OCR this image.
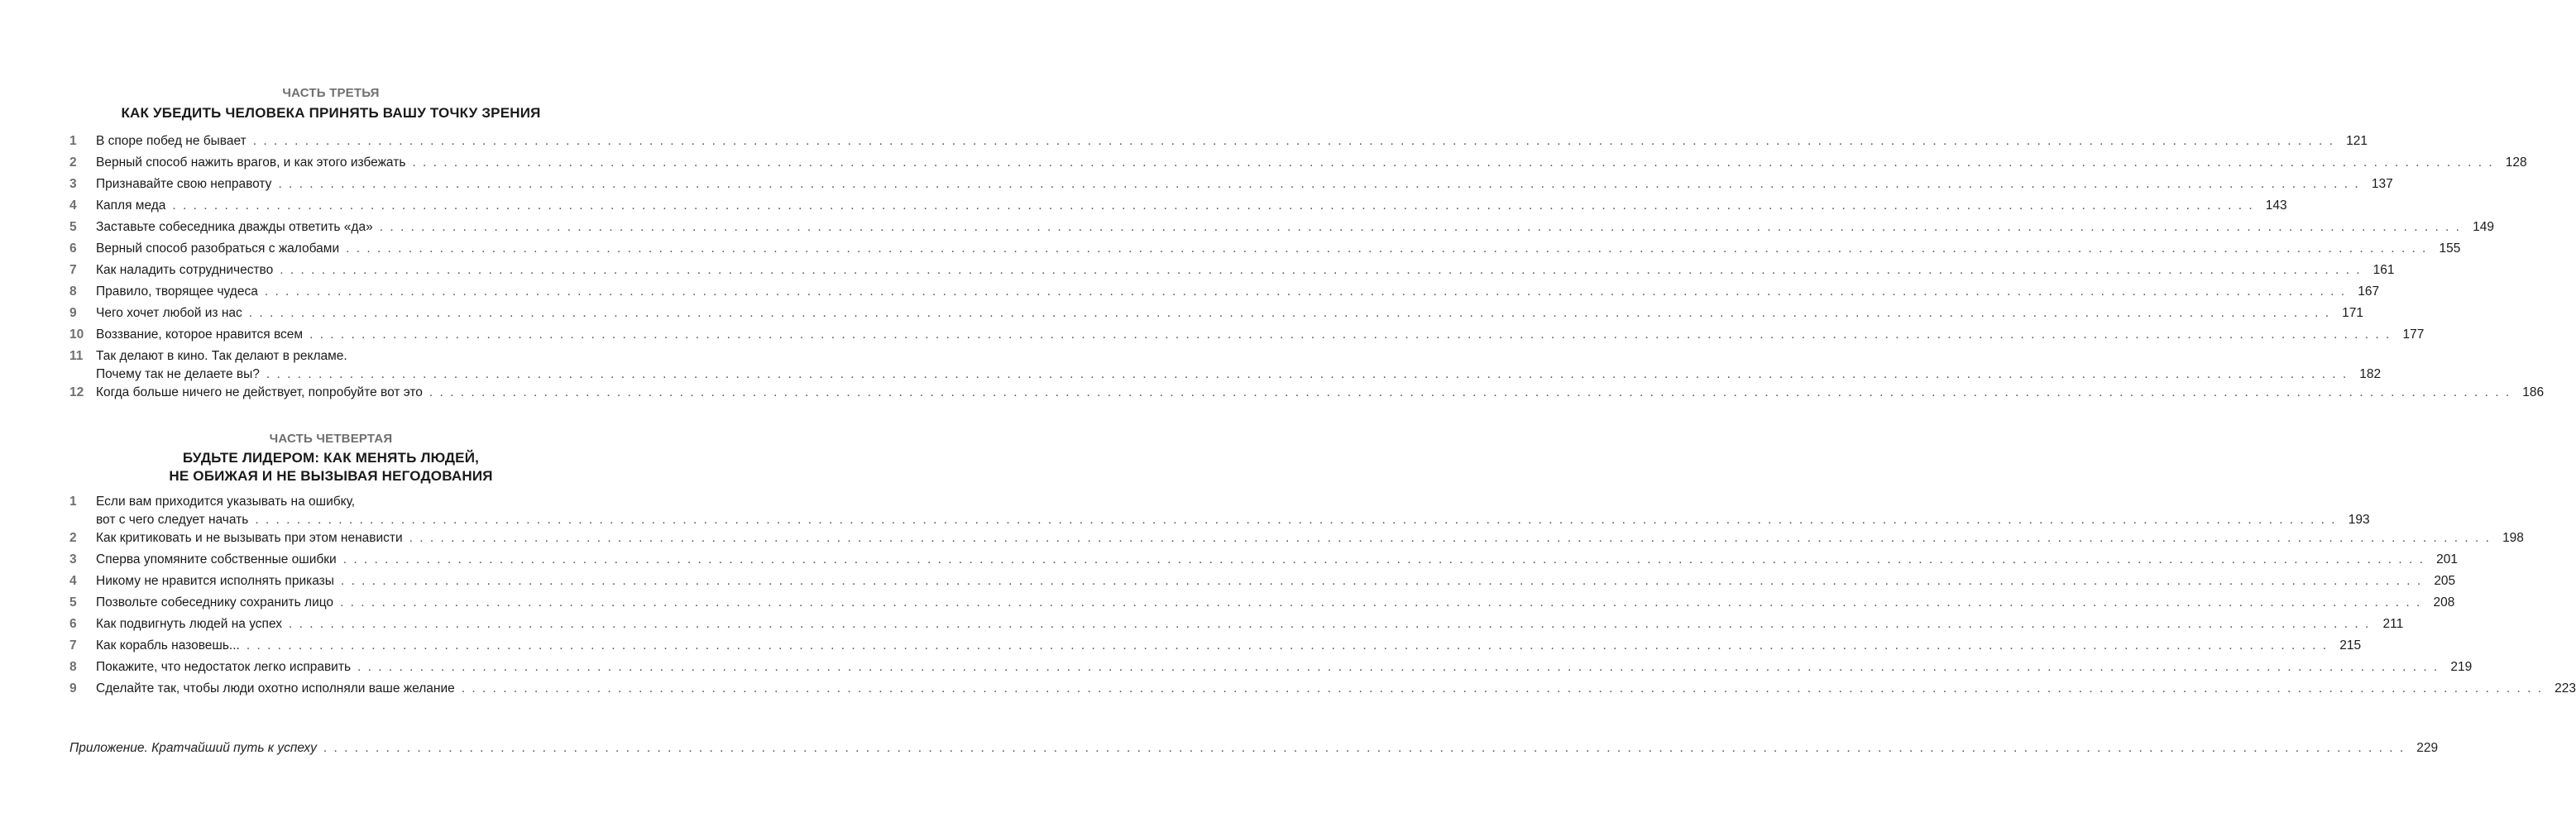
ЧАСТЬ ТРЕТЬЯ
КАК УБЕДИТЬ ЧЕЛОВЕКА ПРИНЯТЬ ВАШУ ТОЧКУ ЗРЕНИЯ
1	В споре побед не бывает . . . . . . . . . . . . . . . . . . . . . . . . . . . . . . . . . . . . . . . . . . . . . . . . . . . . . . . . . . . . . . . . . . . . . . . . . . . . . . . . . . . . . . . . . . . . . . . . . . . . . . . . . . . . . . . . . . . . . . . . . . . . . . . . . . . . . . . . . . . . . . . . . . . . . . . . . . . . . . . . . . . . . . . . . . . . . . . . . . . . . . . . . . . . . . . . . . . . . . . . 121
2	Верный способ нажить врагов, и как этого избежать . . . . . . . . . . . . . . . . . . . . . . . . . . . . . . . . . . . . . . . . . . . . . . . . . . . . . . . . . . . . . . . . . . . . . . . . . . . . . . . . . . . . . . . . . . . . . . . . . . . . . . . . . . . . . . . . . . . . . . . . . . . . . . . . . . . . . . . . . . . . . . . . . . . . . . . . . . . . . . . . . . . . . . . . . . . . . . . . . . . . . . . . . . . . . . . . . . . . . . . . 128
3	Признавайте свою неправоту . . . . . . . . . . . . . . . . . . . . . . . . . . . . . . . . . . . . . . . . . . . . . . . . . . . . . . . . . . . . . . . . . . . . . . . . . . . . . . . . . . . . . . . . . . . . . . . . . . . . . . . . . . . . . . . . . . . . . . . . . . . . . . . . . . . . . . . . . . . . . . . . . . . . . . . . . . . . . . . . . . . . . . . . . . . . . . . . . . . . . . . . . . . . . . . . . . . . . . . . 137
4	Капля меда . . . . . . . . . . . . . . . . . . . . . . . . . . . . . . . . . . . . . . . . . . . . . . . . . . . . . . . . . . . . . . . . . . . . . . . . . . . . . . . . . . . . . . . . . . . . . . . . . . . . . . . . . . . . . . . . . . . . . . . . . . . . . . . . . . . . . . . . . . . . . . . . . . . . . . . . . . . . . . . . . . . . . . . . . . . . . . . . . . . . . . . . . . . . . . . . . . . . . . . . 143
5	Заставьте собеседника дважды ответить «да» . . . . . . . . . . . . . . . . . . . . . . . . . . . . . . . . . . . . . . . . . . . . . . . . . . . . . . . . . . . . . . . . . . . . . . . . . . . . . . . . . . . . . . . . . . . . . . . . . . . . . . . . . . . . . . . . . . . . . . . . . . . . . . . . . . . . . . . . . . . . . . . . . . . . . . . . . . . . . . . . . . . . . . . . . . . . . . . . . . . . . . . . . . . . . . . . . . . . . . . . 149
6	Верный способ разобраться с жалобами . . . . . . . . . . . . . . . . . . . . . . . . . . . . . . . . . . . . . . . . . . . . . . . . . . . . . . . . . . . . . . . . . . . . . . . . . . . . . . . . . . . . . . . . . . . . . . . . . . . . . . . . . . . . . . . . . . . . . . . . . . . . . . . . . . . . . . . . . . . . . . . . . . . . . . . . . . . . . . . . . . . . . . . . . . . . . . . . . . . . . . . . . . . . . . . . . . . . . . . . 155
7	Как наладить сотрудничество . . . . . . . . . . . . . . . . . . . . . . . . . . . . . . . . . . . . . . . . . . . . . . . . . . . . . . . . . . . . . . . . . . . . . . . . . . . . . . . . . . . . . . . . . . . . . . . . . . . . . . . . . . . . . . . . . . . . . . . . . . . . . . . . . . . . . . . . . . . . . . . . . . . . . . . . . . . . . . . . . . . . . . . . . . . . . . . . . . . . . . . . . . . . . . . . . . . . . . . . 161
8	Правило, творящее чудеса . . . . . . . . . . . . . . . . . . . . . . . . . . . . . . . . . . . . . . . . . . . . . . . . . . . . . . . . . . . . . . . . . . . . . . . . . . . . . . . . . . . . . . . . . . . . . . . . . . . . . . . . . . . . . . . . . . . . . . . . . . . . . . . . . . . . . . . . . . . . . . . . . . . . . . . . . . . . . . . . . . . . . . . . . . . . . . . . . . . . . . . . . . . . . . . . . . . . . . . . 167
9	Чего хочет любой из нас . . . . . . . . . . . . . . . . . . . . . . . . . . . . . . . . . . . . . . . . . . . . . . . . . . . . . . . . . . . . . . . . . . . . . . . . . . . . . . . . . . . . . . . . . . . . . . . . . . . . . . . . . . . . . . . . . . . . . . . . . . . . . . . . . . . . . . . . . . . . . . . . . . . . . . . . . . . . . . . . . . . . . . . . . . . . . . . . . . . . . . . . . . . . . . . . . . . . . . . . 171
10 Воззвание, которое нравится всем . . . . . . . . . . . . . . . . . . . . . . . . . . . . . . . . . . . . . . . . . . . . . . . . . . . . . . . . . . . . . . . . . . . . . . . . . . . . . . . . . . . . . . . . . . . . . . . . . . . . . . . . . . . . . . . . . . . . . . . . . . . . . . . . . . . . . . . . . . . . . . . . . . . . . . . . . . . . . . . . . . . . . . . . . . . . . . . . . . . . . . . . . . . . . . . . . . . . . . . . 177
11	Так делают в кино. Так делают в рекламе.
Почему так не делаете вы? . . . . . . . . . . . . . . . . . . . . . . . . . . . . . . . . . . . . . . . . . . . . . . . . . . . . . . . . . . . . . . . . . . . . . . . . . . . . . . . . . . . . . . . . . . . . . . . . . . . . . . . . . . . . . . . . . . . . . . . . . . . . . . . . . . . . . . . . . . . . . . . . . . . . . . . . . . . . . . . . . . . . . . . . . . . . . . . . . . . . . . . . . . . . . . . . . . . . . . . . 182
12 Когда больше ничего не действует, попробуйте вот это . . . . . . . . . . . . . . . . . . . . . . . . . . . . . . . . . . . . . . . . . . . . . . . . . . . . . . . . . . . . . . . . . . . . . . . . . . . . . . . . . . . . . . . . . . . . . . . . . . . . . . . . . . . . . . . . . . . . . . . . . . . . . . . . . . . . . . . . . . . . . . . . . . . . . . . . . . . . . . . . . . . . . . . . . . . . . . . . . . . . . . . . . . . . . . . . . . . . . . . . 186
ЧАСТЬ ЧЕТВЕРТАЯ
БУДЬТЕ ЛИДЕРОМ: КАК МЕНЯТЬ ЛЮДЕЙ,
НЕ ОБИЖАЯ И НЕ ВЫЗЫВАЯ НЕГОДОВАНИЯ
1	Если вам приходится указывать на ошибку,
вот с чего следует начать . . . . . . . . . . . . . . . . . . . . . . . . . . . . . . . . . . . . . . . . . . . . . . . . . . . . . . . . . . . . . . . . . . . . . . . . . . . . . . . . . . . . . . . . . . . . . . . . . . . . . . . . . . . . . . . . . . . . . . . . . . . . . . . . . . . . . . . . . . . . . . . . . . . . . . . . . . . . . . . . . . . . . . . . . . . . . . . . . . . . . . . . . . . . . . . . . . . . . . . . 193
2	Как критиковать и не вызывать при этом ненависти . . . . . . . . . . . . . . . . . . . . . . . . . . . . . . . . . . . . . . . . . . . . . . . . . . . . . . . . . . . . . . . . . . . . . . . . . . . . . . . . . . . . . . . . . . . . . . . . . . . . . . . . . . . . . . . . . . . . . . . . . . . . . . . . . . . . . . . . . . . . . . . . . . . . . . . . . . . . . . . . . . . . . . . . . . . . . . . . . . . . . . . . . . . . . . . . . . . . . . . . 198
3	Сперва упомяните собственные ошибки . . . . . . . . . . . . . . . . . . . . . . . . . . . . . . . . . . . . . . . . . . . . . . . . . . . . . . . . . . . . . . . . . . . . . . . . . . . . . . . . . . . . . . . . . . . . . . . . . . . . . . . . . . . . . . . . . . . . . . . . . . . . . . . . . . . . . . . . . . . . . . . . . . . . . . . . . . . . . . . . . . . . . . . . . . . . . . . . . . . . . . . . . . . . . . . . . . . . . . . . 201
4	Никому не нравится исполнять приказы . . . . . . . . . . . . . . . . . . . . . . . . . . . . . . . . . . . . . . . . . . . . . . . . . . . . . . . . . . . . . . . . . . . . . . . . . . . . . . . . . . . . . . . . . . . . . . . . . . . . . . . . . . . . . . . . . . . . . . . . . . . . . . . . . . . . . . . . . . . . . . . . . . . . . . . . . . . . . . . . . . . . . . . . . . . . . . . . . . . . . . . . . . . . . . . . . . . . . . . . 205
5	Позвольте собеседнику сохранить лицо . . . . . . . . . . . . . . . . . . . . . . . . . . . . . . . . . . . . . . . . . . . . . . . . . . . . . . . . . . . . . . . . . . . . . . . . . . . . . . . . . . . . . . . . . . . . . . . . . . . . . . . . . . . . . . . . . . . . . . . . . . . . . . . . . . . . . . . . . . . . . . . . . . . . . . . . . . . . . . . . . . . . . . . . . . . . . . . . . . . . . . . . . . . . . . . . . . . . . . . . 208
6	Как подвигнуть людей на успех . . . . . . . . . . . . . . . . . . . . . . . . . . . . . . . . . . . . . . . . . . . . . . . . . . . . . . . . . . . . . . . . . . . . . . . . . . . . . . . . . . . . . . . . . . . . . . . . . . . . . . . . . . . . . . . . . . . . . . . . . . . . . . . . . . . . . . . . . . . . . . . . . . . . . . . . . . . . . . . . . . . . . . . . . . . . . . . . . . . . . . . . . . . . . . . . . . . . . . . . 211
7	Как корабль назовешь... . . . . . . . . . . . . . . . . . . . . . . . . . . . . . . . . . . . . . . . . . . . . . . . . . . . . . . . . . . . . . . . . . . . . . . . . . . . . . . . . . . . . . . . . . . . . . . . . . . . . . . . . . . . . . . . . . . . . . . . . . . . . . . . . . . . . . . . . . . . . . . . . . . . . . . . . . . . . . . . . . . . . . . . . . . . . . . . . . . . . . . . . . . . . . . . . . . . . . . . . 215
8	Покажите, что недостаток легко исправить . . . . . . . . . . . . . . . . . . . . . . . . . . . . . . . . . . . . . . . . . . . . . . . . . . . . . . . . . . . . . . . . . . . . . . . . . . . . . . . . . . . . . . . . . . . . . . . . . . . . . . . . . . . . . . . . . . . . . . . . . . . . . . . . . . . . . . . . . . . . . . . . . . . . . . . . . . . . . . . . . . . . . . . . . . . . . . . . . . . . . . . . . . . . . . . . . . . . . . . . 219
9	Сделайте так, чтобы люди охотно исполняли ваше желание . . . . . . . . . . . . . . . . . . . . . . . . . . . . . . . . . . . . . . . . . . . . . . . . . . . . . . . . . . . . . . . . . . . . . . . . . . . . . . . . . . . . . . . . . . . . . . . . . . . . . . . . . . . . . . . . . . . . . . . . . . . . . . . . . . . . . . . . . . . . . . . . . . . . . . . . . . . . . . . . . . . . . . . . . . . . . . . . . . . . . . . . . . . . . . . . . . . . . . . . 223
Приложение. Кратчайший путь к успеху . . . . . . . . . . . . . . . . . . . . . . . . . . . . . . . . . . . . . . . . . . . . . . . . . . . . . . . . . . . . . . . . . . . . . . . . . . . . . . . . . . . . . . . . . . . . . . . . . . . . . . . . . . . . . . . . . . . . . . . . . . . . . . . . . . . . . . . . . . . . . . . . . . . . . . . . . . . . . . . . . . . . . . . . . . . . . . . . . . . . . . . . . . . . . . . . . . . . . . . . 229
